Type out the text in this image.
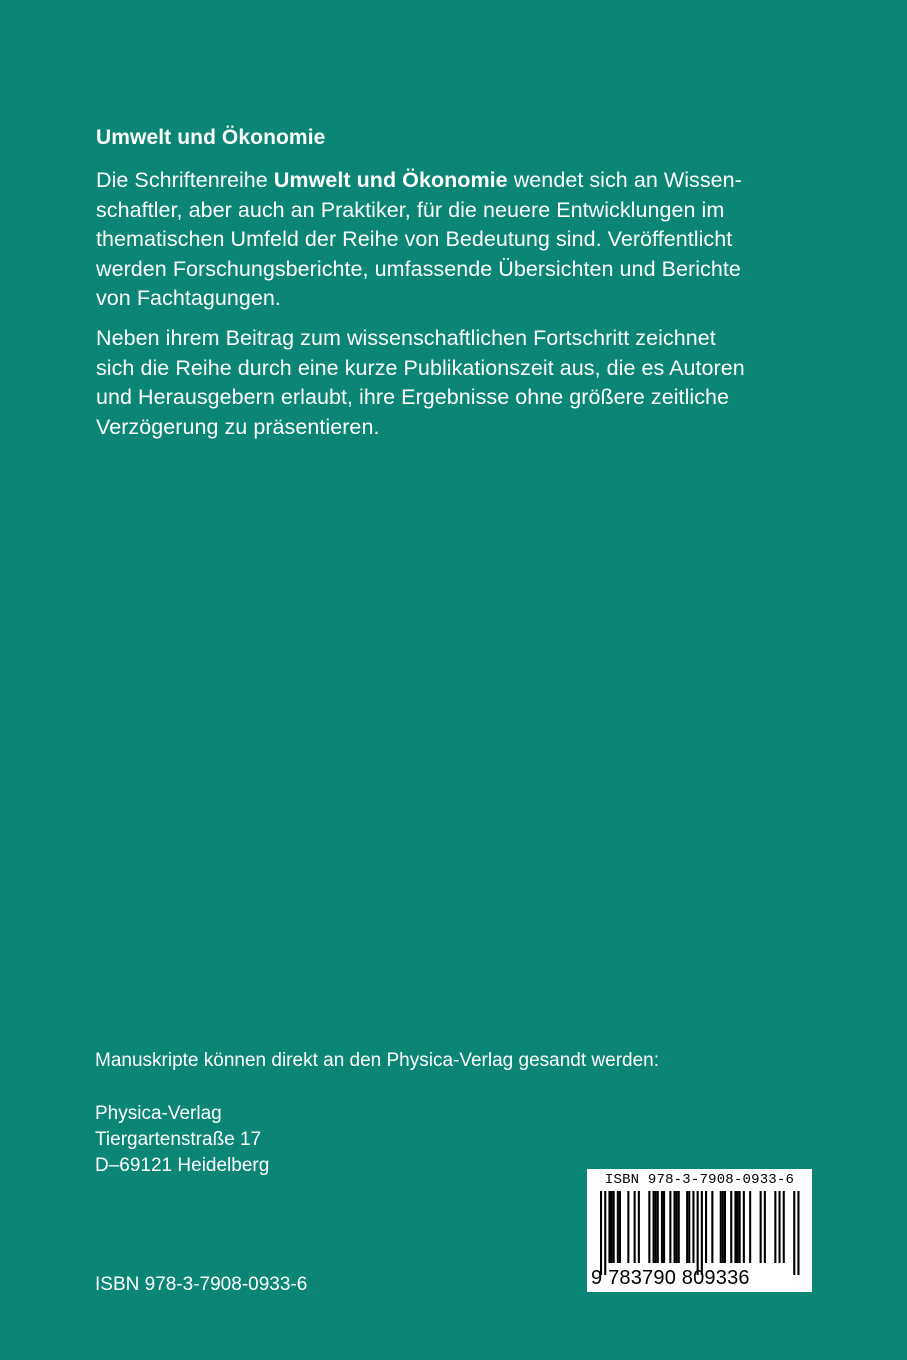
Umwelt und Ökonomie

Die Schriftenreihe Umwelt und Ökonomie wendet sich an Wissen-
schaftler, aber auch an Praktiker, für die neuere Entwicklungen im
thematischen Umfeld der Reihe von Bedeutung sind. Veröffentlicht
werden Forschungsberichte, umfassende Übersichten und Berichte
von Fachtagungen.

Neben ihrem Beitrag zum wissenschaftlichen Fortschritt zeichnet
sich die Reihe durch eine kurze Publikationszeit aus, die es Autoren
und Herausgebern erlaubt, ihre Ergebnisse ohne größere zeitliche
Verzögerung zu präsentieren.

Manuskripte können direkt an den Physica-Verlag gesandt werden:

Physica-Verlag
Tiergartenstraße 17
D–69121 Heidelberg

ISBN 978-3-7908-0933-6

ISBN 978-3-7908-0933-6
9 783790 809336
